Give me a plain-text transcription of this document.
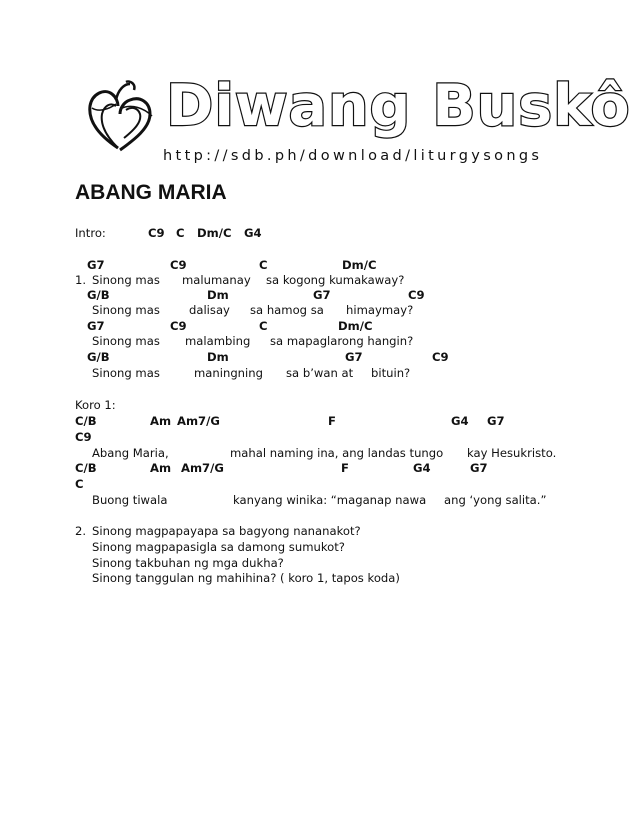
Diwang Buskô
http://sdb.ph/download/liturgysongs
ABANG MARIA
Intro:	C9 C Dm/C G4
G7	C9	C	Dm/C
1. Sinong mas malumanay sa kogong kumakaway?
G/B	Dm	G7	C9
Sinong mas	dalisay sa hamog sa himaymay?
G7	C9	C	Dm/C
Sinong mas malambing sa mapaglarong hangin?
G/B	Dm	G7	C9
Sinong mas	maningning sa b’wan at bituin?
Koro 1:
C/B	Am Am7/G	F	G4 G7
C9
Abang Maria,	mahal naming ina, ang landas tungo kay Hesukristo.
C/B	Am Am7/G	F	G4	G7
C
Buong tiwala	kanyang winika: “maganap nawa ang ‘yong salita.”
2. Sinong magpapayapa sa bagyong nananakot?
Sinong magpapasigla sa damong sumukot?
Sinong takbuhan ng mga dukha?
Sinong tanggulan ng mahihina? ( koro 1, tapos koda)
